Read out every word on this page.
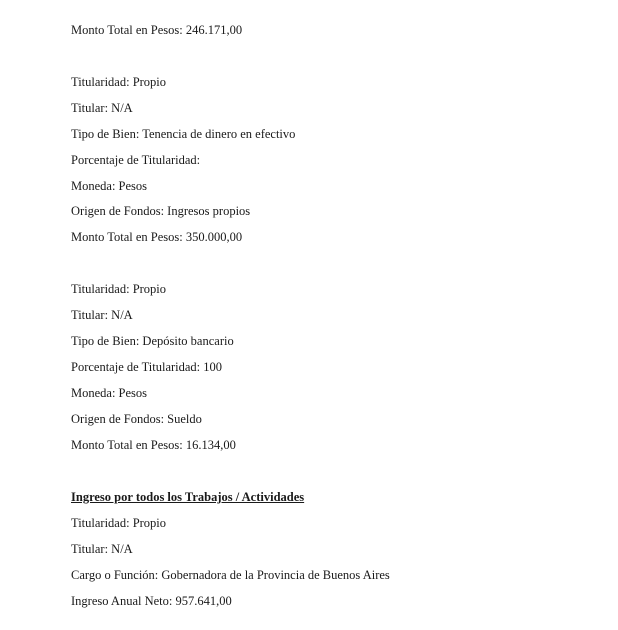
Monto Total en Pesos: 246.171,00
Titularidad: Propio
Titular: N/A
Tipo de Bien: Tenencia de dinero en efectivo
Porcentaje de Titularidad:
Moneda: Pesos
Origen de Fondos: Ingresos propios
Monto Total en Pesos: 350.000,00
Titularidad: Propio
Titular: N/A
Tipo de Bien: Depósito bancario
Porcentaje de Titularidad: 100
Moneda: Pesos
Origen de Fondos: Sueldo
Monto Total en Pesos: 16.134,00
Ingreso por todos los Trabajos / Actividades
Titularidad: Propio
Titular: N/A
Cargo o Función: Gobernadora de la Provincia de Buenos Aires
Ingreso Anual Neto: 957.641,00
